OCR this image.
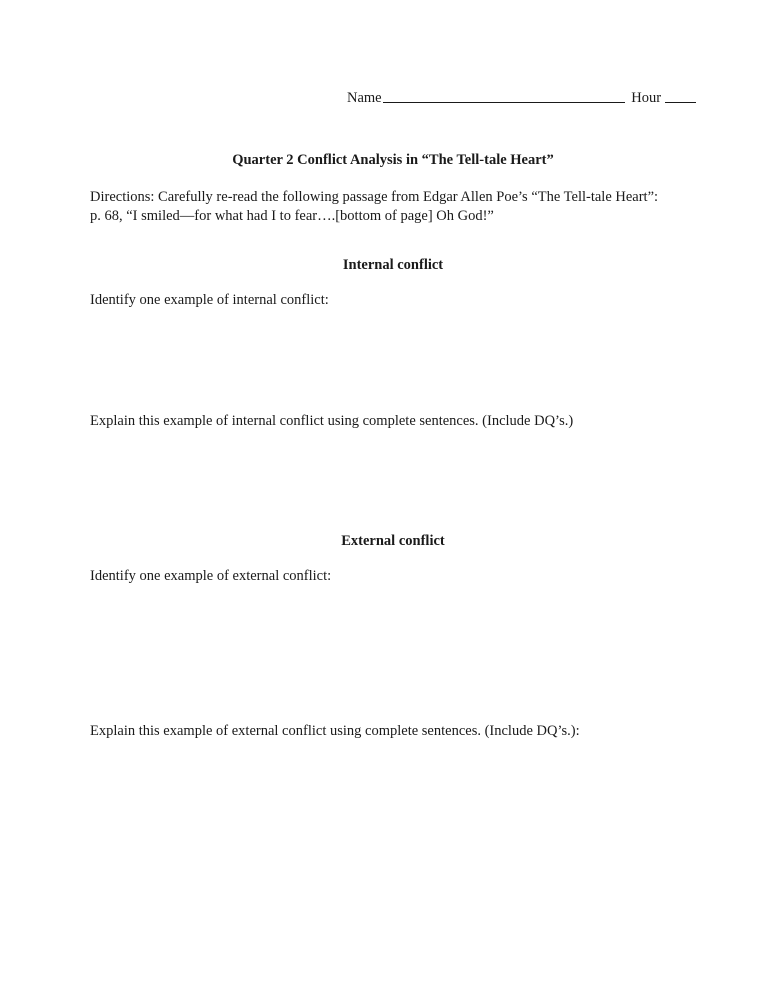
Name	Hour
Quarter 2 Conflict Analysis in “The Tell-tale Heart”
Directions: Carefully re-read the following passage from Edgar Allen Poe’s “The Tell-tale Heart”:
p. 68, “I smiled—for what had I to fear….[bottom of page] Oh God!”
Internal conflict
Identify one example of internal conflict:
Explain this example of internal conflict using complete sentences. (Include DQ’s.)
External conflict
Identify one example of external conflict:
Explain this example of external conflict using complete sentences. (Include DQ’s.):
